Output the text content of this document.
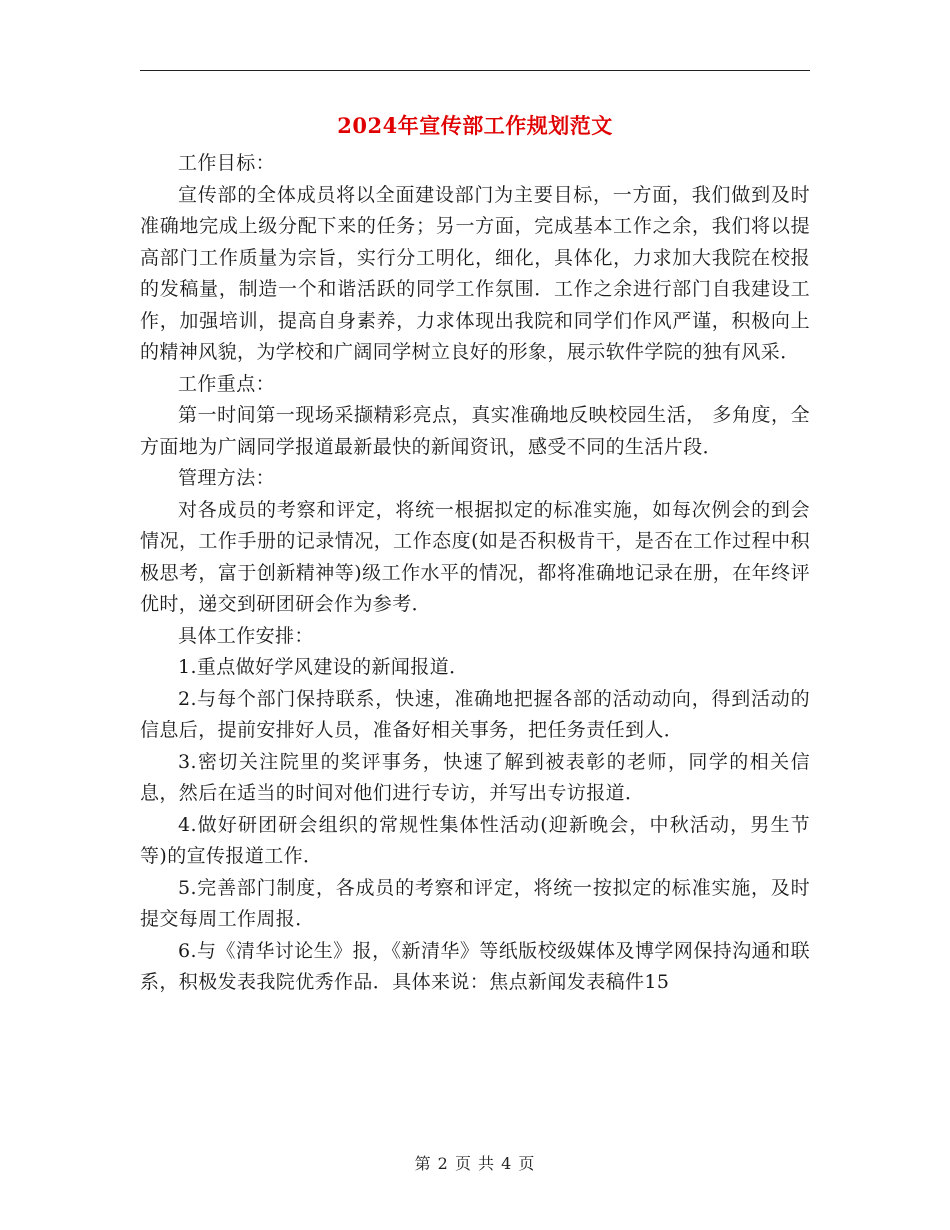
2024年宣传部工作规划范文

工作目标：

宣传部的全体成员将以全面建设部门为主要目标，一方面，我们做到及时准确地完成上级分配下来的任务；另一方面，完成基本工作之余，我们将以提高部门工作质量为宗旨，实行分工明化，细化，具体化，力求加大我院在校报的发稿量，制造一个和谐活跃的同学工作氛围．工作之余进行部门自我建设工作，加强培训，提高自身素养，力求体现出我院和同学们作风严谨，积极向上的精神风貌，为学校和广阔同学树立良好的形象，展示软件学院的独有风采．

工作重点：

第一时间第一现场采撷精彩亮点，真实准确地反映校园生活， 多角度，全方面地为广阔同学报道最新最快的新闻资讯，感受不同的生活片段．

管理方法：

对各成员的考察和评定，将统一根据拟定的标准实施，如每次例会的到会情况，工作手册的记录情况，工作态度(如是否积极肯干，是否在工作过程中积极思考，富于创新精神等)级工作水平的情况，都将准确地记录在册，在年终评优时，递交到研团研会作为参考．

具体工作安排：

1.重点做好学风建设的新闻报道．

2.与每个部门保持联系，快速，准确地把握各部的活动动向，得到活动的信息后，提前安排好人员，准备好相关事务，把任务责任到人．

3.密切关注院里的奖评事务，快速了解到被表彰的老师，同学的相关信息，然后在适当的时间对他们进行专访，并写出专访报道．

4.做好研团研会组织的常规性集体性活动(迎新晚会，中秋活动，男生节等)的宣传报道工作．

5.完善部门制度，各成员的考察和评定，将统一按拟定的标准实施，及时提交每周工作周报．

6.与《清华讨论生》报，《新清华》等纸版校级媒体及博学网保持沟通和联系，积极发表我院优秀作品．具体来说：焦点新闻发表稿件15

第 2 页 共 4 页
